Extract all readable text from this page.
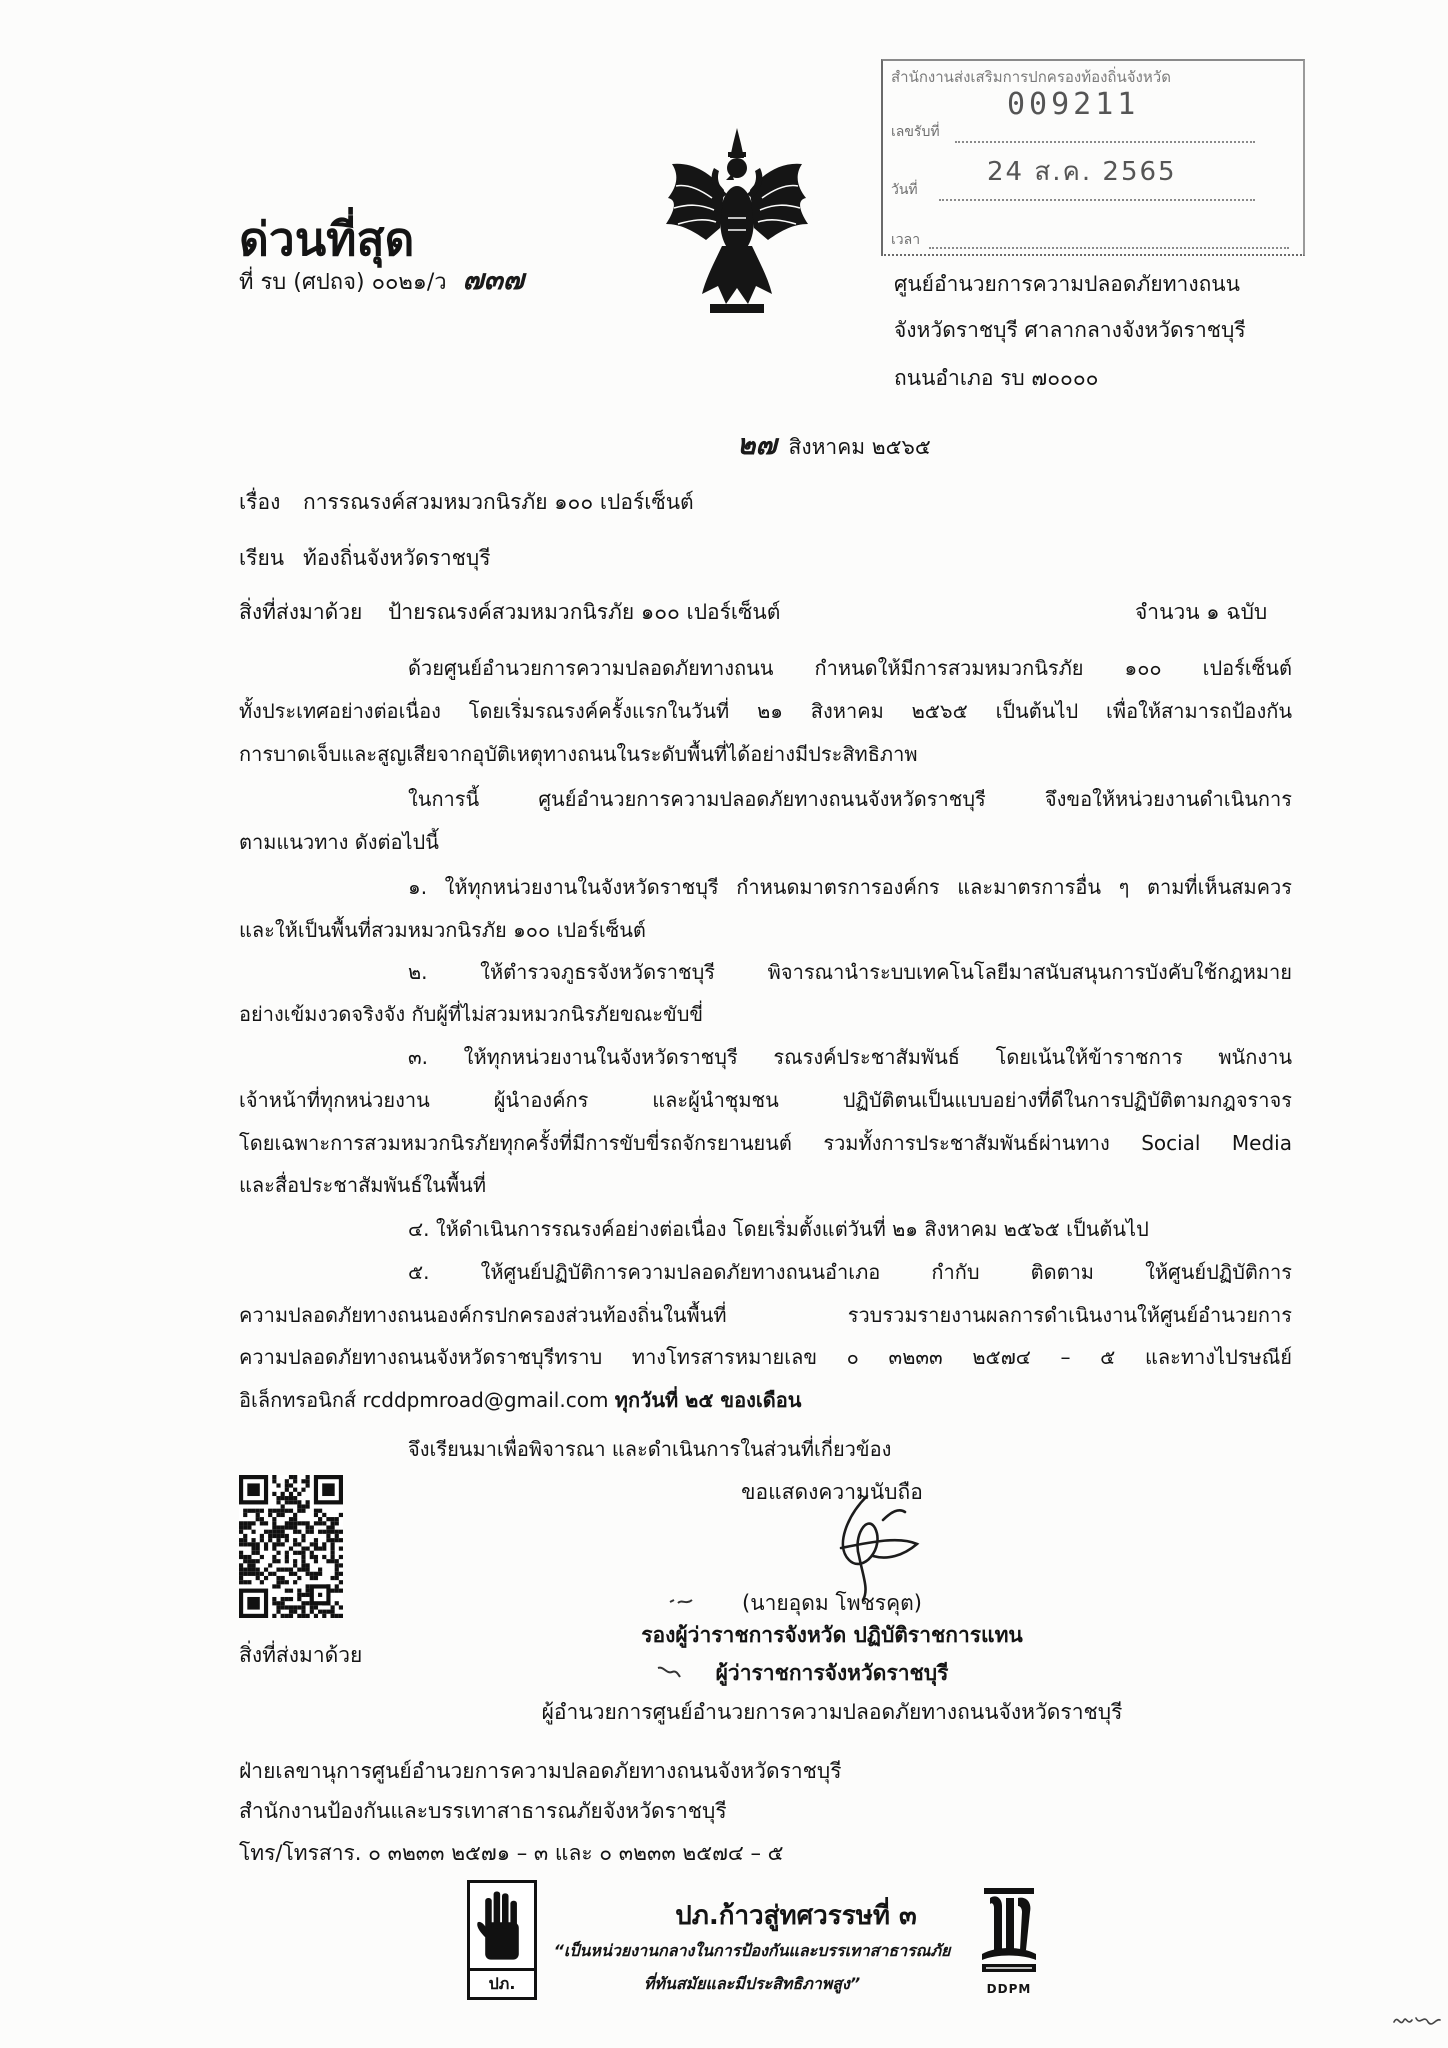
สำนักงานส่งเสริมการปกครองท้องถิ่นจังหวัด
009211
เลขรับที่
24 ส.ค. 2565
วันที่
เวลา
ด่วนที่สุด
ที่ รบ (ศปถจ) ๐๐๒๑/ว ๗๓๗	ศูนย์อำนวยการความปลอดภัยทางถนน
จังหวัดราชบุรี ศาลากลางจังหวัดราชบุรี
ถนนอำเภอ รบ ๗๐๐๐๐
๒๗ สิงหาคม ๒๕๖๕
เรื่อง การรณรงค์สวมหมวกนิรภัย ๑๐๐ เปอร์เซ็นต์
เรียน ท้องถิ่นจังหวัดราชบุรี
สิ่งที่ส่งมาด้วย ป้ายรณรงค์สวมหมวกนิรภัย ๑๐๐ เปอร์เซ็นต์	จำนวน ๑ ฉบับ
ด้วยศูนย์อำนวยการความปลอดภัยทางถนน กำหนดให้มีการสวมหมวกนิรภัย ๑๐๐ เปอร์เซ็นต์
ทั้งประเทศอย่างต่อเนื่อง โดยเริ่มรณรงค์ครั้งแรกในวันที่ ๒๑ สิงหาคม ๒๕๖๕ เป็นต้นไป เพื่อให้สามารถป้องกัน
การบาดเจ็บและสูญเสียจากอุบัติเหตุทางถนนในระดับพื้นที่ได้อย่างมีประสิทธิภาพ
ในการนี้ ศูนย์อำนวยการความปลอดภัยทางถนนจังหวัดราชบุรี จึงขอให้หน่วยงานดำเนินการ
ตามแนวทาง ดังต่อไปนี้
๑. ให้ทุกหน่วยงานในจังหวัดราชบุรี กำหนดมาตรการองค์กร และมาตรการอื่น ๆ ตามที่เห็นสมควร
และให้เป็นพื้นที่สวมหมวกนิรภัย ๑๐๐ เปอร์เซ็นต์
๒. ให้ตำรวจภูธรจังหวัดราชบุรี พิจารณานำระบบเทคโนโลยีมาสนับสนุนการบังคับใช้กฎหมาย
อย่างเข้มงวดจริงจัง กับผู้ที่ไม่สวมหมวกนิรภัยขณะขับขี่
๓. ให้ทุกหน่วยงานในจังหวัดราชบุรี รณรงค์ประชาสัมพันธ์ โดยเน้นให้ข้าราชการ พนักงาน
เจ้าหน้าที่ทุกหน่วยงาน ผู้นำองค์กร และผู้นำชุมชน ปฏิบัติตนเป็นแบบอย่างที่ดีในการปฏิบัติตามกฎจราจร
โดยเฉพาะการสวมหมวกนิรภัยทุกครั้งที่มีการขับขี่รถจักรยานยนต์ รวมทั้งการประชาสัมพันธ์ผ่านทาง Social Media
และสื่อประชาสัมพันธ์ในพื้นที่
๔. ให้ดำเนินการรณรงค์อย่างต่อเนื่อง โดยเริ่มตั้งแต่วันที่ ๒๑ สิงหาคม ๒๕๖๕ เป็นต้นไป
๕. ให้ศูนย์ปฏิบัติการความปลอดภัยทางถนนอำเภอ กำกับ ติดตาม ให้ศูนย์ปฏิบัติการ
ความปลอดภัยทางถนนองค์กรปกครองส่วนท้องถิ่นในพื้นที่ รวบรวมรายงานผลการดำเนินงานให้ศูนย์อำนวยการ
ความปลอดภัยทางถนนจังหวัดราชบุรีทราบ ทางโทรสารหมายเลข ๐ ๓๒๓๓ ๒๕๗๔ – ๕ และทางไปรษณีย์
อิเล็กทรอนิกส์ rcddpmroad@gmail.com ทุกวันที่ ๒๕ ของเดือน
จึงเรียนมาเพื่อพิจารณา และดำเนินการในส่วนที่เกี่ยวข้อง
สิ่งที่ส่งมาด้วย
ขอแสดงความนับถือ
(นายอุดม โพชรคุต)
รองผู้ว่าราชการจังหวัด ปฏิบัติราชการแทน
ผู้ว่าราชการจังหวัดราชบุรี
ผู้อำนวยการศูนย์อำนวยการความปลอดภัยทางถนนจังหวัดราชบุรี
ฝ่ายเลขานุการศูนย์อำนวยการความปลอดภัยทางถนนจังหวัดราชบุรี
สำนักงานป้องกันและบรรเทาสาธารณภัยจังหวัดราชบุรี
โทร/โทรสาร. ๐ ๓๒๓๓ ๒๕๗๑ – ๓ และ ๐ ๓๒๓๓ ๒๕๗๔ – ๕
ปภ.
ปภ.ก้าวสู่ทศวรรษที่ ๓
“เป็นหน่วยงานกลางในการป้องกันและบรรเทาสาธารณภัย
ที่ทันสมัยและมีประสิทธิภาพสูง”	DDPM
